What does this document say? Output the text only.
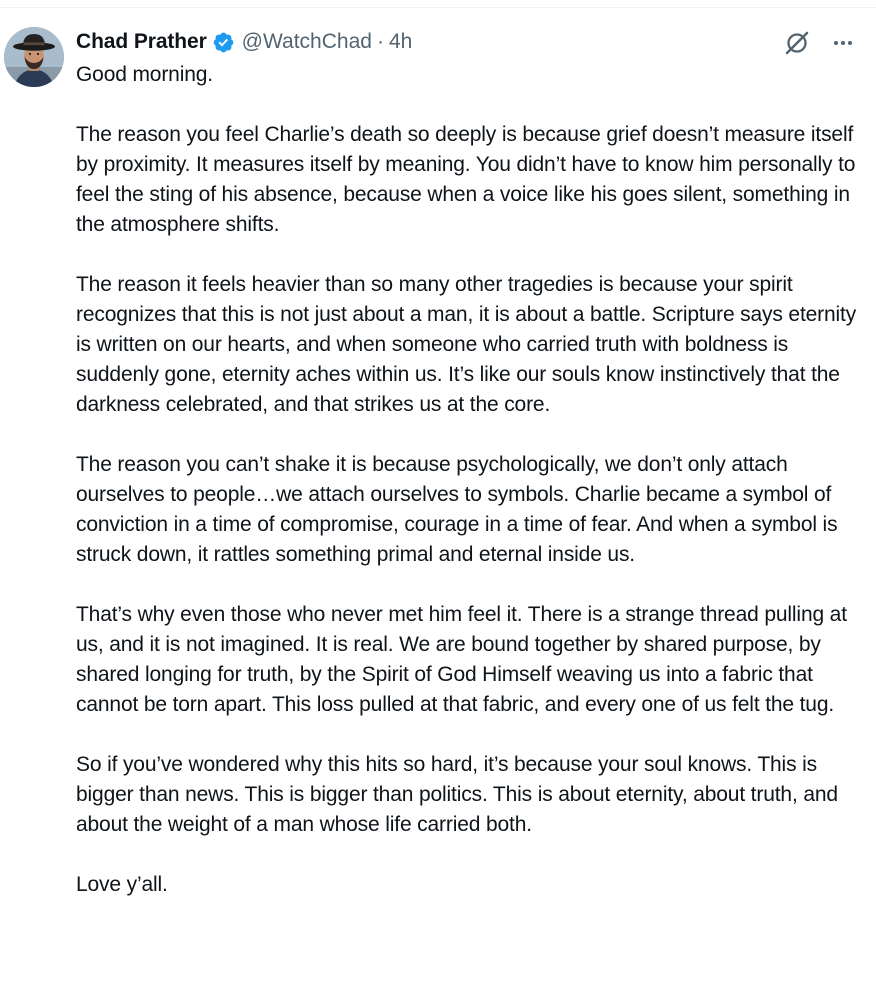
Chad Prather @WatchChad · 4h

Good morning.

The reason you feel Charlie’s death so deeply is because grief doesn’t measure itself by proximity. It measures itself by meaning. You didn’t have to know him personally to feel the sting of his absence, because when a voice like his goes silent, something in the atmosphere shifts.

The reason it feels heavier than so many other tragedies is because your spirit recognizes that this is not just about a man, it is about a battle. Scripture says eternity is written on our hearts, and when someone who carried truth with boldness is suddenly gone, eternity aches within us. It’s like our souls know instinctively that the darkness celebrated, and that strikes us at the core.

The reason you can’t shake it is because psychologically, we don’t only attach ourselves to people…we attach ourselves to symbols. Charlie became a symbol of conviction in a time of compromise, courage in a time of fear. And when a symbol is struck down, it rattles something primal and eternal inside us.

That’s why even those who never met him feel it. There is a strange thread pulling at us, and it is not imagined. It is real. We are bound together by shared purpose, by shared longing for truth, by the Spirit of God Himself weaving us into a fabric that cannot be torn apart. This loss pulled at that fabric, and every one of us felt the tug.

So if you’ve wondered why this hits so hard, it’s because your soul knows. This is bigger than news. This is bigger than politics. This is about eternity, about truth, and about the weight of a man whose life carried both.

Love y’all.
